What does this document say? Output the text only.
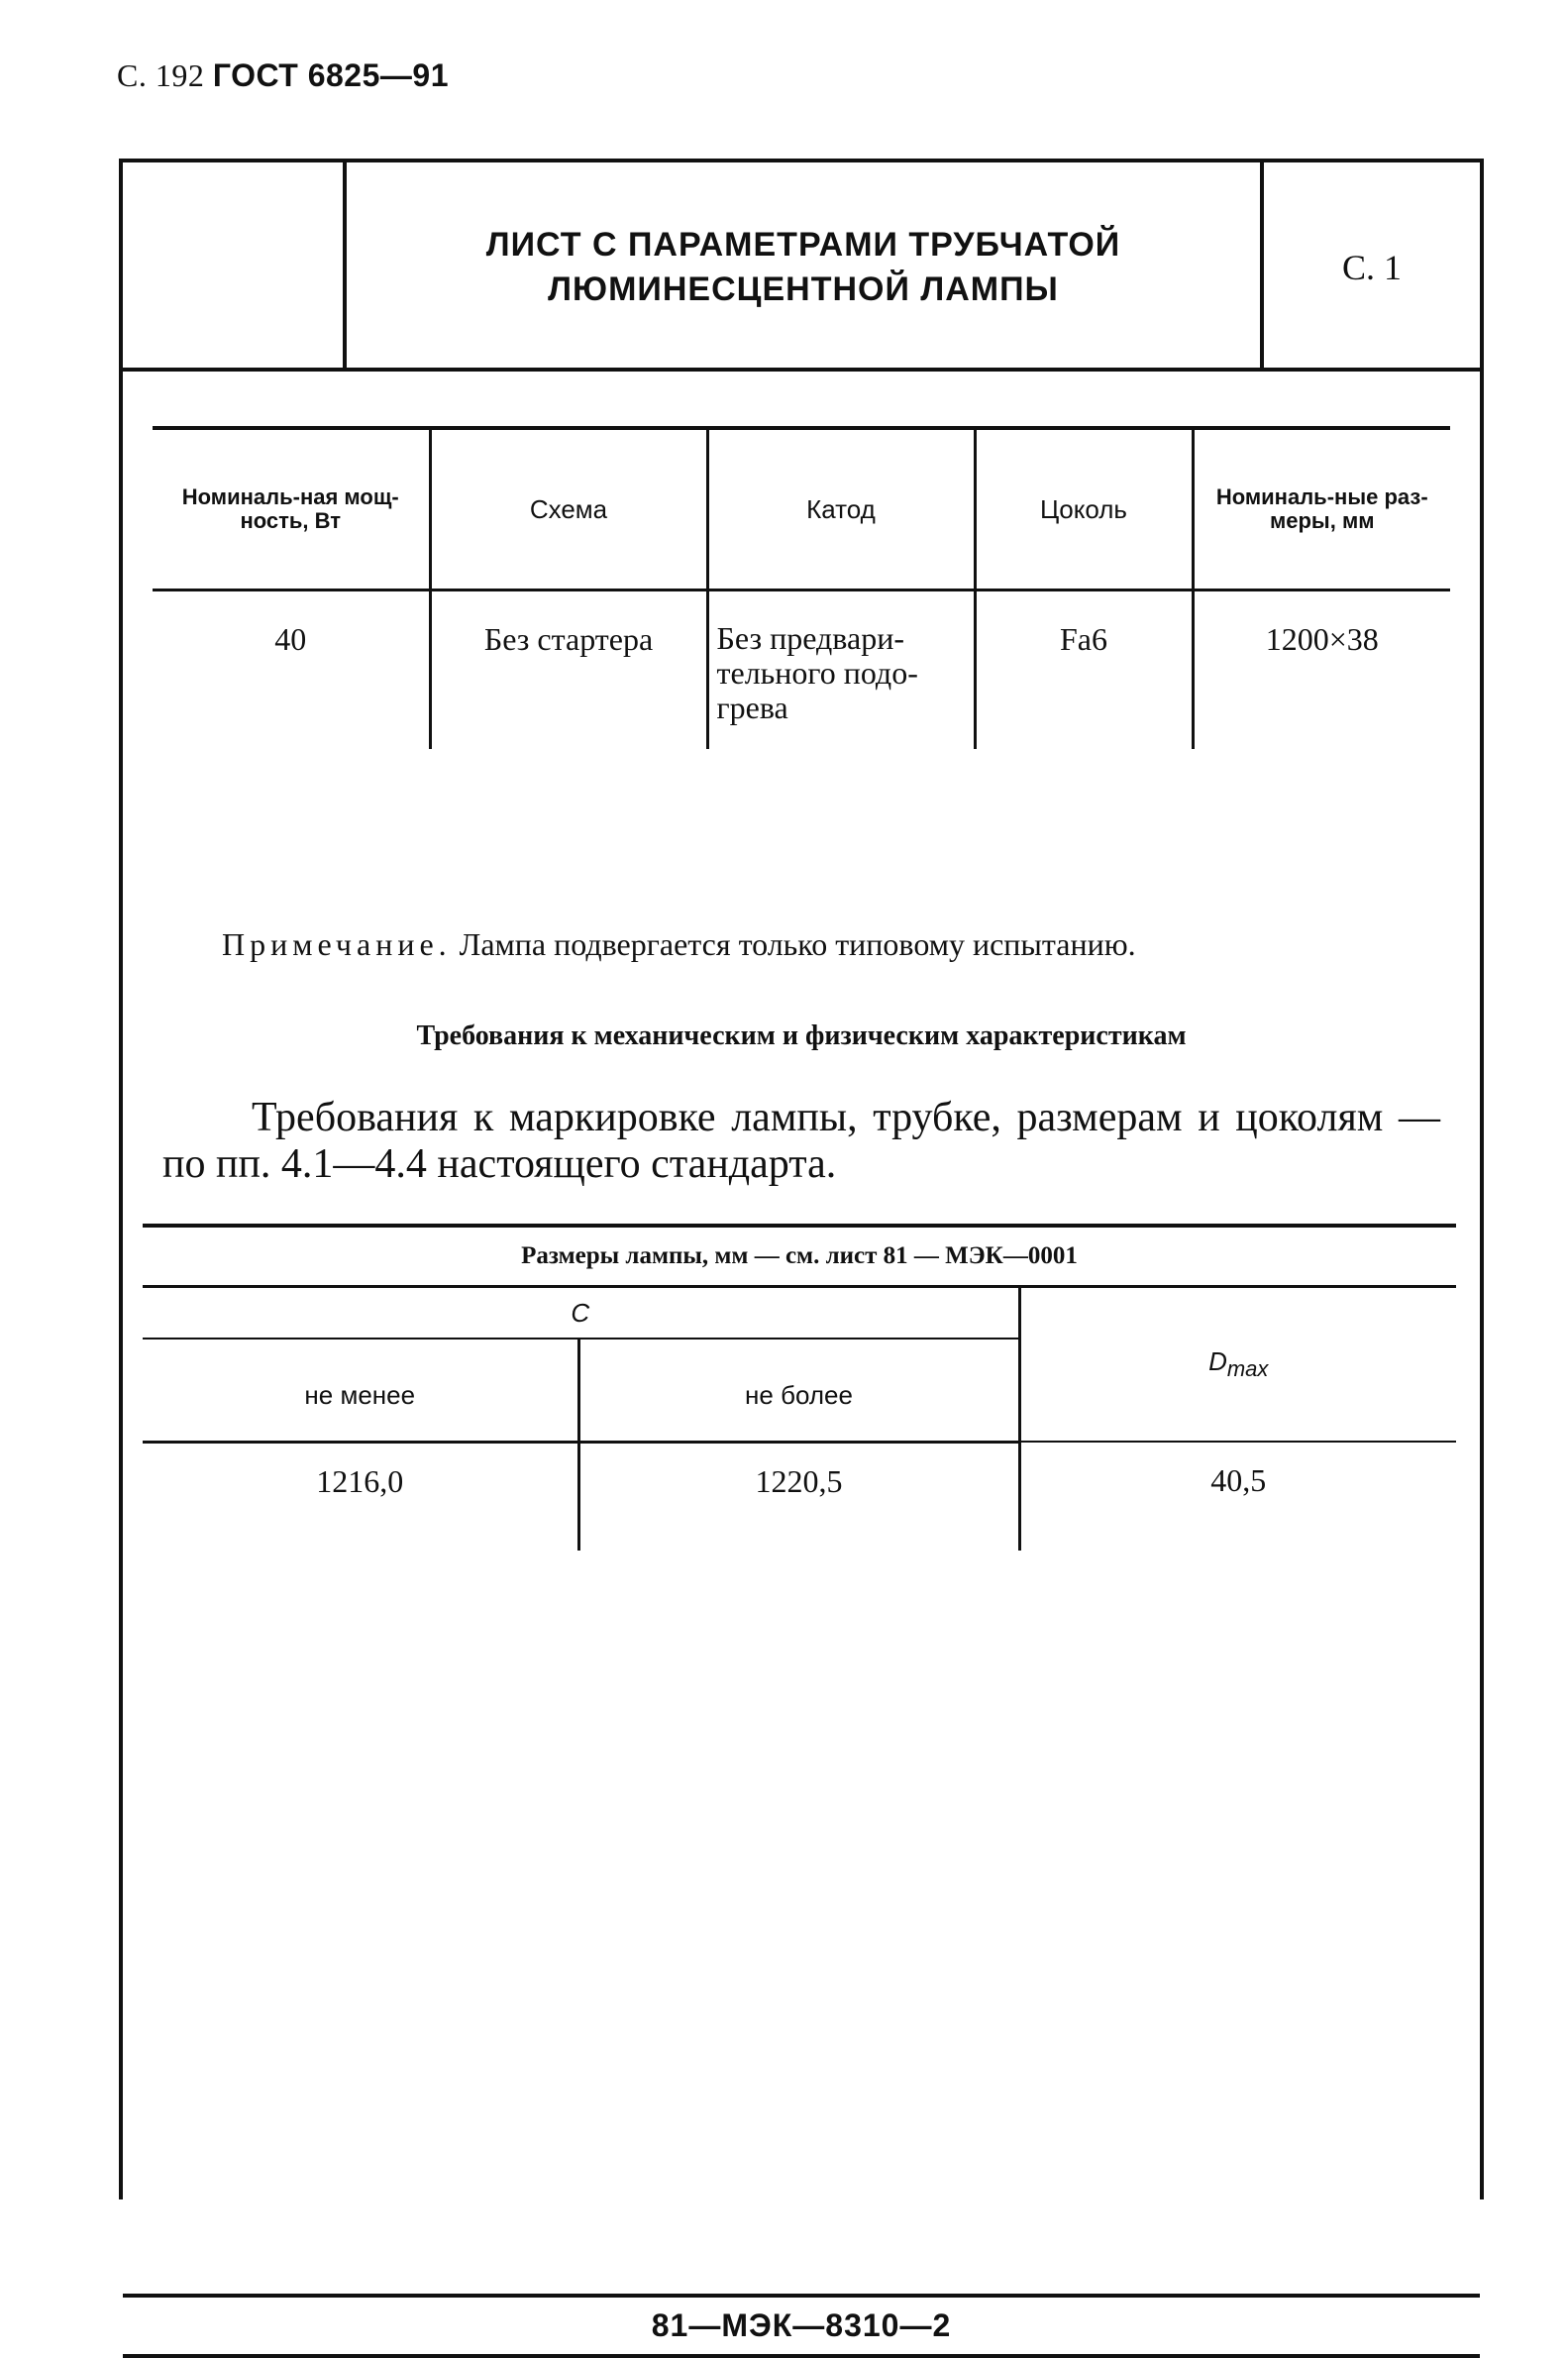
С. 192 ГОСТ 6825—91
ЛИСТ С ПАРАМЕТРАМИ ТРУБЧАТОЙ
ЛЮМИНЕСЦЕНТНОЙ ЛАМПЫ
С. 1
Номиналь-ная мощ-ность, Вт	Схема	Катод	Цоколь	Номиналь-ные раз-меры, мм
40	Без стартера	Без предвари-тельного подо-грева	Fa6	1200×38
Примечание. Лампа подвергается только типовому испытанию.
Требования к механическим и физическим характеристикам
Требования к маркировке лампы, трубке, размерам и цоколям — по пп. 4.1—4.4 настоящего стандарта.
Размеры лампы, мм — см. лист 81 — МЭК—0001		
C		$D_{max}$
не менее	не более	
1216,0	1220,5	40,5
81—МЭК—8310—2
